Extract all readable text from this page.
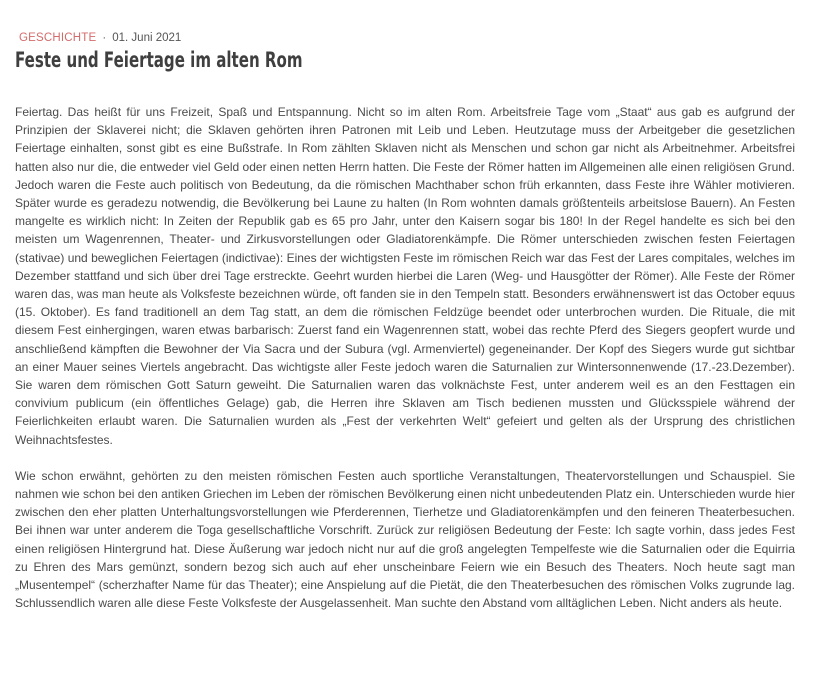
GESCHICHTE · 01. Juni 2021
Feste und Feiertage im alten Rom

Feiertag. Das heißt für uns Freizeit, Spaß und Entspannung. Nicht so im alten Rom. Arbeitsfreie Tage vom „Staat“ aus gab es aufgrund der Prinzipien der Sklaverei nicht; die Sklaven gehörten ihren Patronen mit Leib und Leben. Heutzutage muss der Arbeitgeber die gesetzlichen Feiertage einhalten, sonst gibt es eine Bußstrafe. In Rom zählten Sklaven nicht als Menschen und schon gar nicht als Arbeitnehmer. Arbeitsfrei hatten also nur die, die entweder viel Geld oder einen netten Herrn hatten. Die Feste der Römer hatten im Allgemeinen alle einen religiösen Grund. Jedoch waren die Feste auch politisch von Bedeutung, da die römischen Machthaber schon früh erkannten, dass Feste ihre Wähler motivieren. Später wurde es geradezu notwendig, die Bevölkerung bei Laune zu halten (In Rom wohnten damals größtenteils arbeitslose Bauern). An Festen mangelte es wirklich nicht: In Zeiten der Republik gab es 65 pro Jahr, unter den Kaisern sogar bis 180! In der Regel handelte es sich bei den meisten um Wagenrennen, Theater- und Zirkusvorstellungen oder Gladiatorenkämpfe. Die Römer unterschieden zwischen festen Feiertagen (stativae) und beweglichen Feiertagen (indictivae): Eines der wichtigsten Feste im römischen Reich war das Fest der Lares compitales, welches im Dezember stattfand und sich über drei Tage erstreckte. Geehrt wurden hierbei die Laren (Weg- und Hausgötter der Römer). Alle Feste der Römer waren das, was man heute als Volksfeste bezeichnen würde, oft fanden sie in den Tempeln statt. Besonders erwähnenswert ist das October equus (15. Oktober). Es fand traditionell an dem Tag statt, an dem die römischen Feldzüge beendet oder unterbrochen wurden. Die Rituale, die mit diesem Fest einhergingen, waren etwas barbarisch: Zuerst fand ein Wagenrennen statt, wobei das rechte Pferd des Siegers geopfert wurde und anschließend kämpften die Bewohner der Via Sacra und der Subura (vgl. Armenviertel) gegeneinander. Der Kopf des Siegers wurde gut sichtbar an einer Mauer seines Viertels angebracht. Das wichtigste aller Feste jedoch waren die Saturnalien zur Wintersonnenwende (17.-23.Dezember). Sie waren dem römischen Gott Saturn geweiht. Die Saturnalien waren das volknächste Fest, unter anderem weil es an den Festtagen ein convivium publicum (ein öffentliches Gelage) gab, die Herren ihre Sklaven am Tisch bedienen mussten und Glücksspiele während der Feierlichkeiten erlaubt waren. Die Saturnalien wurden als „Fest der verkehrten Welt“ gefeiert und gelten als der Ursprung des christlichen Weihnachtsfestes.

Wie schon erwähnt, gehörten zu den meisten römischen Festen auch sportliche Veranstaltungen, Theatervorstellungen und Schauspiel. Sie nahmen wie schon bei den antiken Griechen im Leben der römischen Bevölkerung einen nicht unbedeutenden Platz ein. Unterschieden wurde hier zwischen den eher platten Unterhaltungsvorstellungen wie Pferderennen, Tierhetze und Gladiatorenkämpfen und den feineren Theaterbesuchen. Bei ihnen war unter anderem die Toga gesellschaftliche Vorschrift. Zurück zur religiösen Bedeutung der Feste: Ich sagte vorhin, dass jedes Fest einen religiösen Hintergrund hat. Diese Äußerung war jedoch nicht nur auf die groß angelegten Tempelfeste wie die Saturnalien oder die Equirria zu Ehren des Mars gemünzt, sondern bezog sich auch auf eher unscheinbare Feiern wie ein Besuch des Theaters. Noch heute sagt man „Musentempel“ (scherzhafter Name für das Theater); eine Anspielung auf die Pietät, die den Theaterbesuchen des römischen Volks zugrunde lag. Schlussendlich waren alle diese Feste Volksfeste der Ausgelassenheit. Man suchte den Abstand vom alltäglichen Leben. Nicht anders als heute.
